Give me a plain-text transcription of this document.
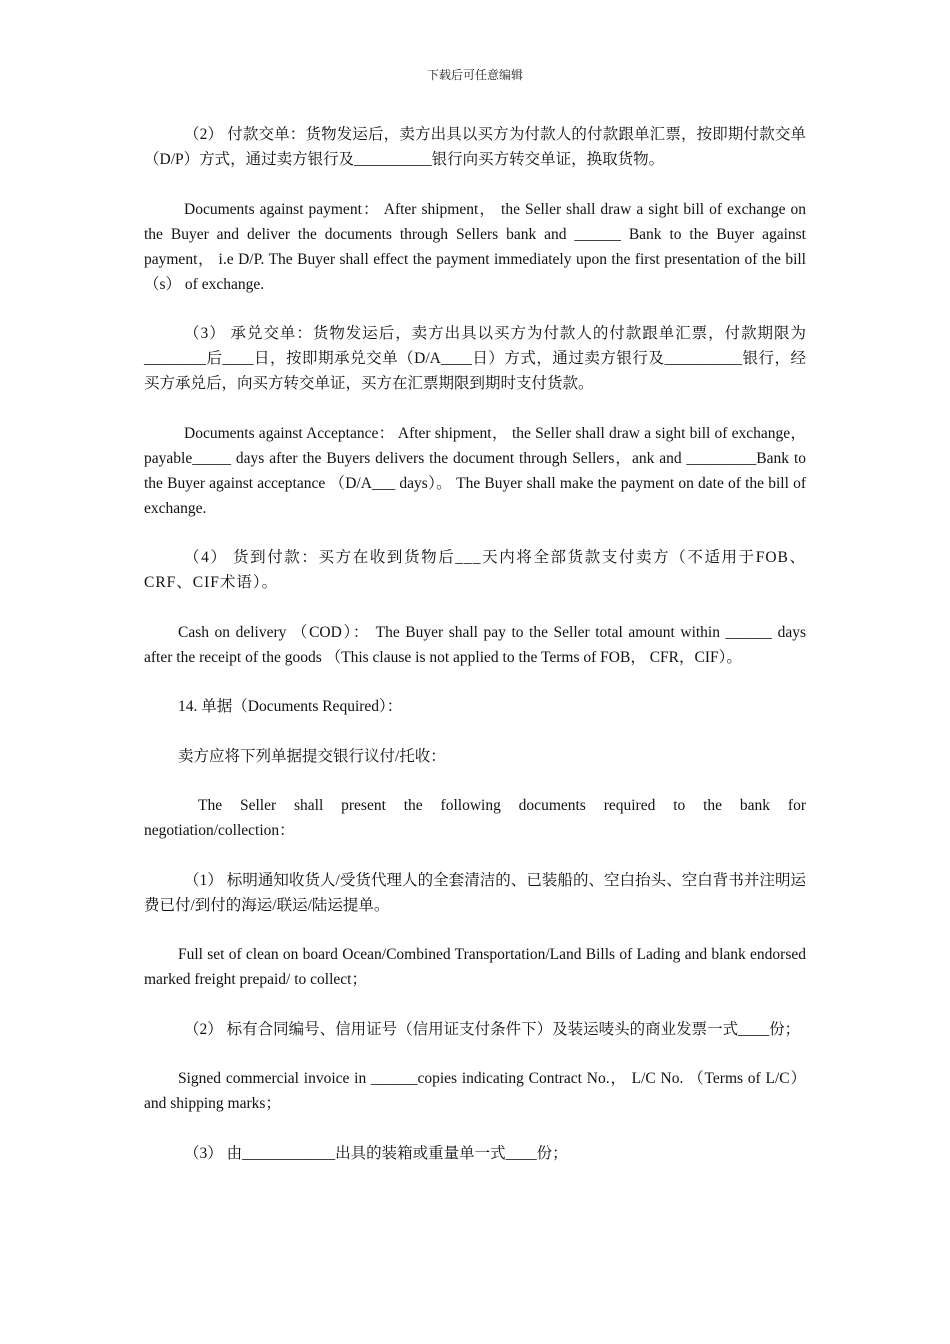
下载后可任意编辑

（2） 付款交单：货物发运后，卖方出具以买方为付款人的付款跟单汇票，按即期付款交单（D/P）方式，通过卖方银行及__________银行向买方转交单证，换取货物。

Documents against payment： After shipment， the Seller shall draw a sight bill of exchange on the Buyer and deliver the documents through Sellers bank and ______ Bank to the Buyer against payment， i.e D/P. The Buyer shall effect the payment immediately upon the first presentation of the bill（s） of exchange.

（3） 承兑交单：货物发运后，卖方出具以买方为付款人的付款跟单汇票，付款期限为________后____日，按即期承兑交单（D/A____日）方式，通过卖方银行及__________银行，经买方承兑后，向买方转交单证，买方在汇票期限到期时支付货款。

Documents against Acceptance： After shipment， the Seller shall draw a sight bill of exchange， payable_____ days after the Buyers delivers the document through Sellers，ank and _________Bank to the Buyer against acceptance （D/A___ days）。 The Buyer shall make the payment on date of the bill of exchange.

（4） 货到付款：买方在收到货物后___天内将全部货款支付卖方（不适用于FOB、CRF、CIF术语）。

Cash on delivery （COD）： The Buyer shall pay to the Seller total amount within ______ days after the receipt of the goods （This clause is not applied to the Terms of FOB， CFR，CIF）。

14. 单据（Documents Required）：

卖方应将下列单据提交银行议付/托收：

The Seller shall present the following documents required to the bank for negotiation/collection：

（1） 标明通知收货人/受货代理人的全套清洁的、已装船的、空白抬头、空白背书并注明运费已付/到付的海运/联运/陆运提单。

Full set of clean on board Ocean/Combined Transportation/Land Bills of Lading and blank endorsed marked freight prepaid/ to collect；

（2） 标有合同编号、信用证号（信用证支付条件下）及装运唛头的商业发票一式____份；

Signed commercial invoice in ______copies indicating Contract No.， L/C No. （Terms of L/C） and shipping marks；

（3） 由____________出具的装箱或重量单一式____份；
